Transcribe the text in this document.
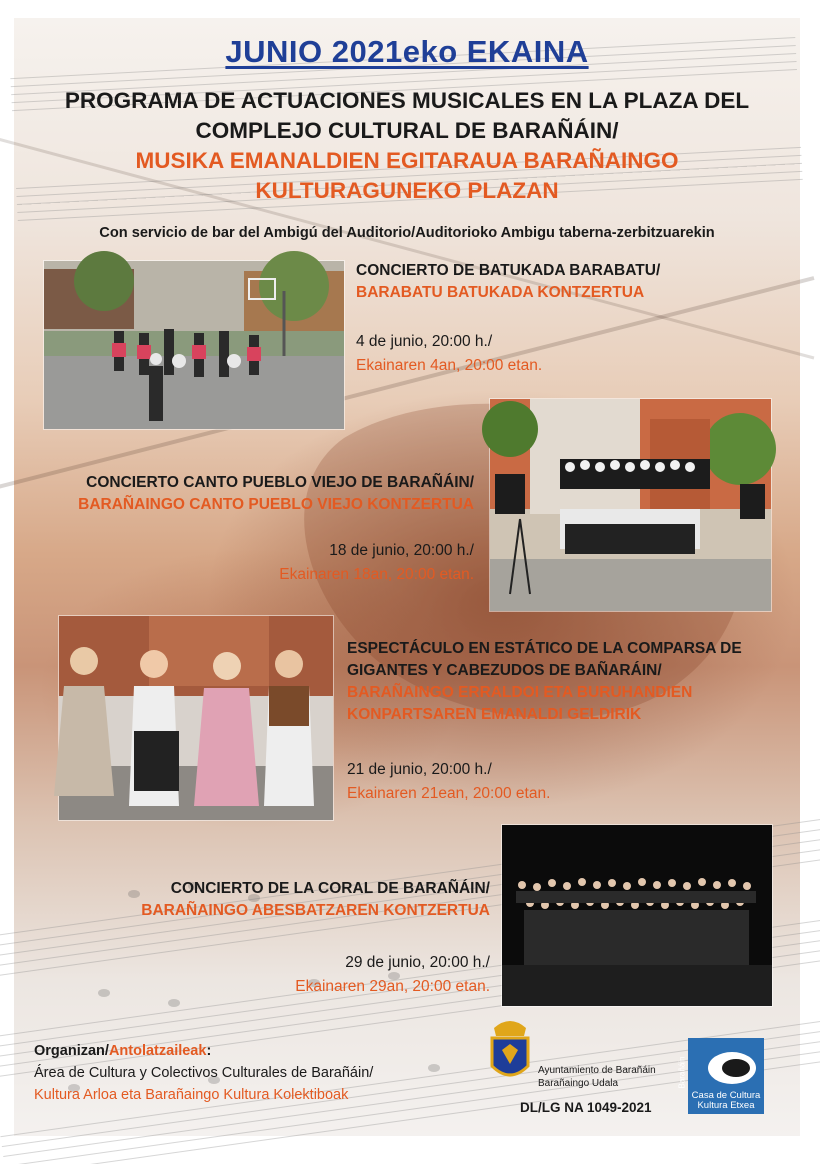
JUNIO 2021eko EKAINA
PROGRAMA DE ACTUACIONES MUSICALES EN LA PLAZA DEL COMPLEJO CULTURAL DE BARAÑÁIN/
MUSIKA EMANALDIEN EGITARAUA BARAÑAINGO KULTURAGUNEKO PLAZAN
Con servicio de bar del Ambigú del Auditorio/Auditorioko Ambigu taberna-zerbitzuarekin
CONCIERTO DE BATUKADA BARABATU/
BARABATU BATUKADA KONTZERTUA
4 de junio, 20:00 h./
Ekainaren 4an, 20:00 etan.
CONCIERTO CANTO PUEBLO VIEJO DE BARAÑÁIN/
BARAÑAINGO CANTO PUEBLO VIEJO KONTZERTUA
18 de junio, 20:00 h./
Ekainaren 18an, 20:00 etan.
ESPECTÁCULO EN ESTÁTICO DE LA COMPARSA DE
GIGANTES Y CABEZUDOS DE BAÑARÁIN/
BARAÑAINGO ERRALDOI ETA BURUHANDIEN
KONPARTSAREN EMANALDI GELDIRIK
21 de junio, 20:00 h./
Ekainaren 21ean, 20:00 etan.
CONCIERTO DE LA CORAL DE BARAÑÁIN/
BARAÑAINGO ABESBATZAREN KONTZERTUA
29 de junio, 20:00 h./
Ekainaren 29an, 20:00 etan.
Organizan/Antolatzaileak:
Área de Cultura y Colectivos Culturales de Barañáin/
Kultura Arloa eta Barañaingo Kultura Kolektiboak
Ayuntamiento de Barañáin
Barañaingo Udala
DL/LG NA 1049-2021
Barañáin
Casa de Cultura
Kultura Etxea
